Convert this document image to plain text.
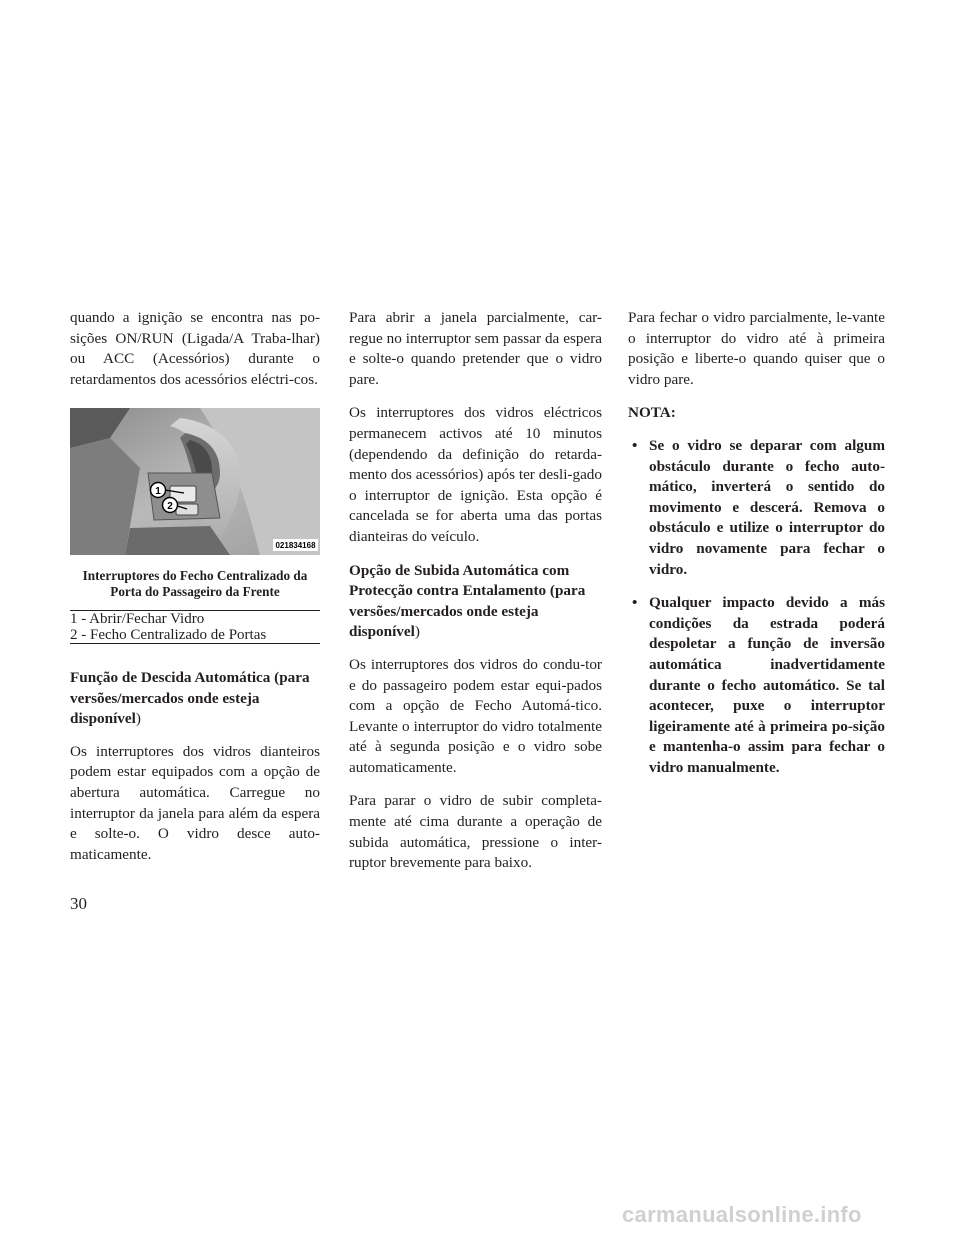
quando a ignição se encontra nas po-sições ON/RUN (Ligada/A Traba-lhar) ou ACC (Acessórios) durante o retardamentos dos acessórios eléctri-cos.

1
2
021834168
Interruptores do Fecho Centralizado da Porta do Passageiro da Frente
1 - Abrir/Fechar Vidro
2 - Fecho Centralizado de Portas
Função de Descida Automática (para versões/mercados onde esteja disponível)

Os interruptores dos vidros dianteiros podem estar equipados com a opção de abertura automática. Carregue no interruptor da janela para além da espera e solte-o. O vidro desce auto-maticamente.

Para abrir a janela parcialmente, car-regue no interruptor sem passar da espera e solte-o quando pretender que o vidro pare.

Os interruptores dos vidros eléctricos permanecem activos até 10 minutos (dependendo da definição do retarda-mento dos acessórios) após ter desli-gado o interruptor de ignição. Esta opção é cancelada se for aberta uma das portas dianteiras do veículo.

Opção de Subida Automática com Protecção contra Entalamento (para versões/mercados onde esteja disponível)

Os interruptores dos vidros do condu-tor e do passageiro podem estar equi-pados com a opção de Fecho Automá-tico. Levante o interruptor do vidro totalmente até à segunda posição e o vidro sobe automaticamente.

Para parar o vidro de subir completa-mente até cima durante a operação de subida automática, pressione o inter-ruptor brevemente para baixo.

Para fechar o vidro parcialmente, le-vante o interruptor do vidro até à primeira posição e liberte-o quando quiser que o vidro pare.

NOTA:
• Se o vidro se deparar com algum obstáculo durante o fecho auto-mático, inverterá o sentido do movimento e descerá. Remova o obstáculo e utilize o interruptor do vidro novamente para fechar o vidro.
• Qualquer impacto devido a más condições da estrada poderá despoletar a função de inversão automática inadvertidamente durante o fecho automático. Se tal acontecer, puxe o interruptor ligeiramente até à primeira po-sição e mantenha-o assim para fechar o vidro manualmente.
30
carmanualsonline.info
